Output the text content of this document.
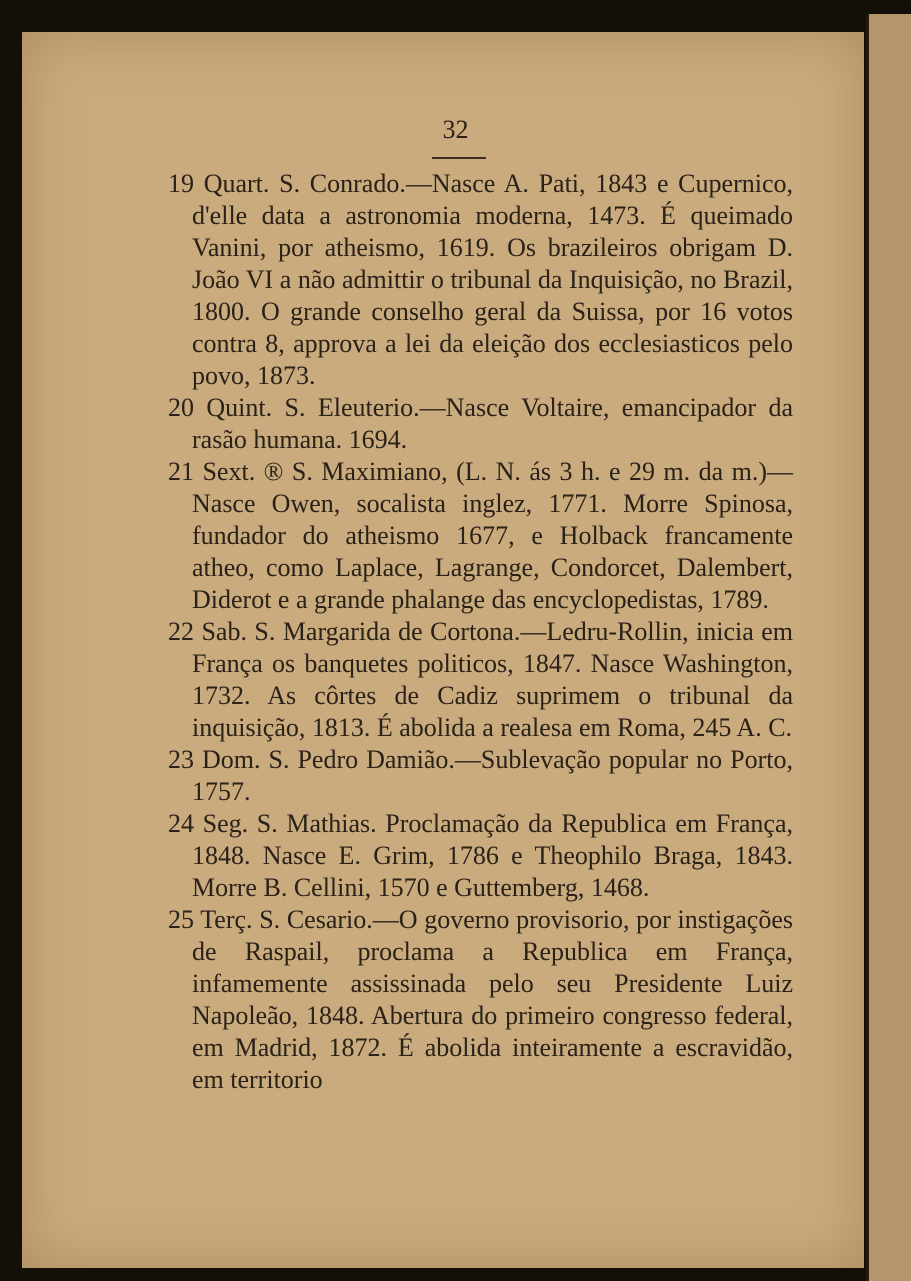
32

19 Quart. S. Conrado.—Nasce A. Pati, 1843 e Cupernico, d'elle data a astronomia moderna, 1473. É queimado Vanini, por atheismo, 1619. Os brazileiros obrigam D. João VI a não admittir o tribunal da Inquisição, no Brazil, 1800. O grande conselho geral da Suissa, por 16 votos contra 8, approva a lei da eleição dos ecclesiasticos pelo povo, 1873.

20 Quint. S. Eleuterio.—Nasce Voltaire, emancipador da rasão humana. 1694.

21 Sext. ® S. Maximiano, (L. N. ás 3 h. e 29 m. da m.)—Nasce Owen, socalista inglez, 1771. Morre Spinosa, fundador do atheismo 1677, e Holback francamente atheo, como Laplace, Lagrange, Condorcet, Dalembert, Diderot e a grande phalange das encyclopedistas, 1789.

22 Sab. S. Margarida de Cortona.—Ledru-Rollin, inicia em França os banquetes politicos, 1847. Nasce Washington, 1732. As côrtes de Cadiz suprimem o tribunal da inquisição, 1813. É abolida a realesa em Roma, 245 A. C.

23 Dom. S. Pedro Damião.—Sublevação popular no Porto, 1757.

24 Seg. S. Mathias. Proclamação da Republica em França, 1848. Nasce E. Grim, 1786 e Theophilo Braga, 1843. Morre B. Cellini, 1570 e Guttemberg, 1468.

25 Terç. S. Cesario.—O governo provisorio, por instigações de Raspail, proclama a Republica em França, infamemente assissinada pelo seu Presidente Luiz Napoleão, 1848. Abertura do primeiro congresso federal, em Madrid, 1872. É abolida inteiramente a escravidão, em territorio
